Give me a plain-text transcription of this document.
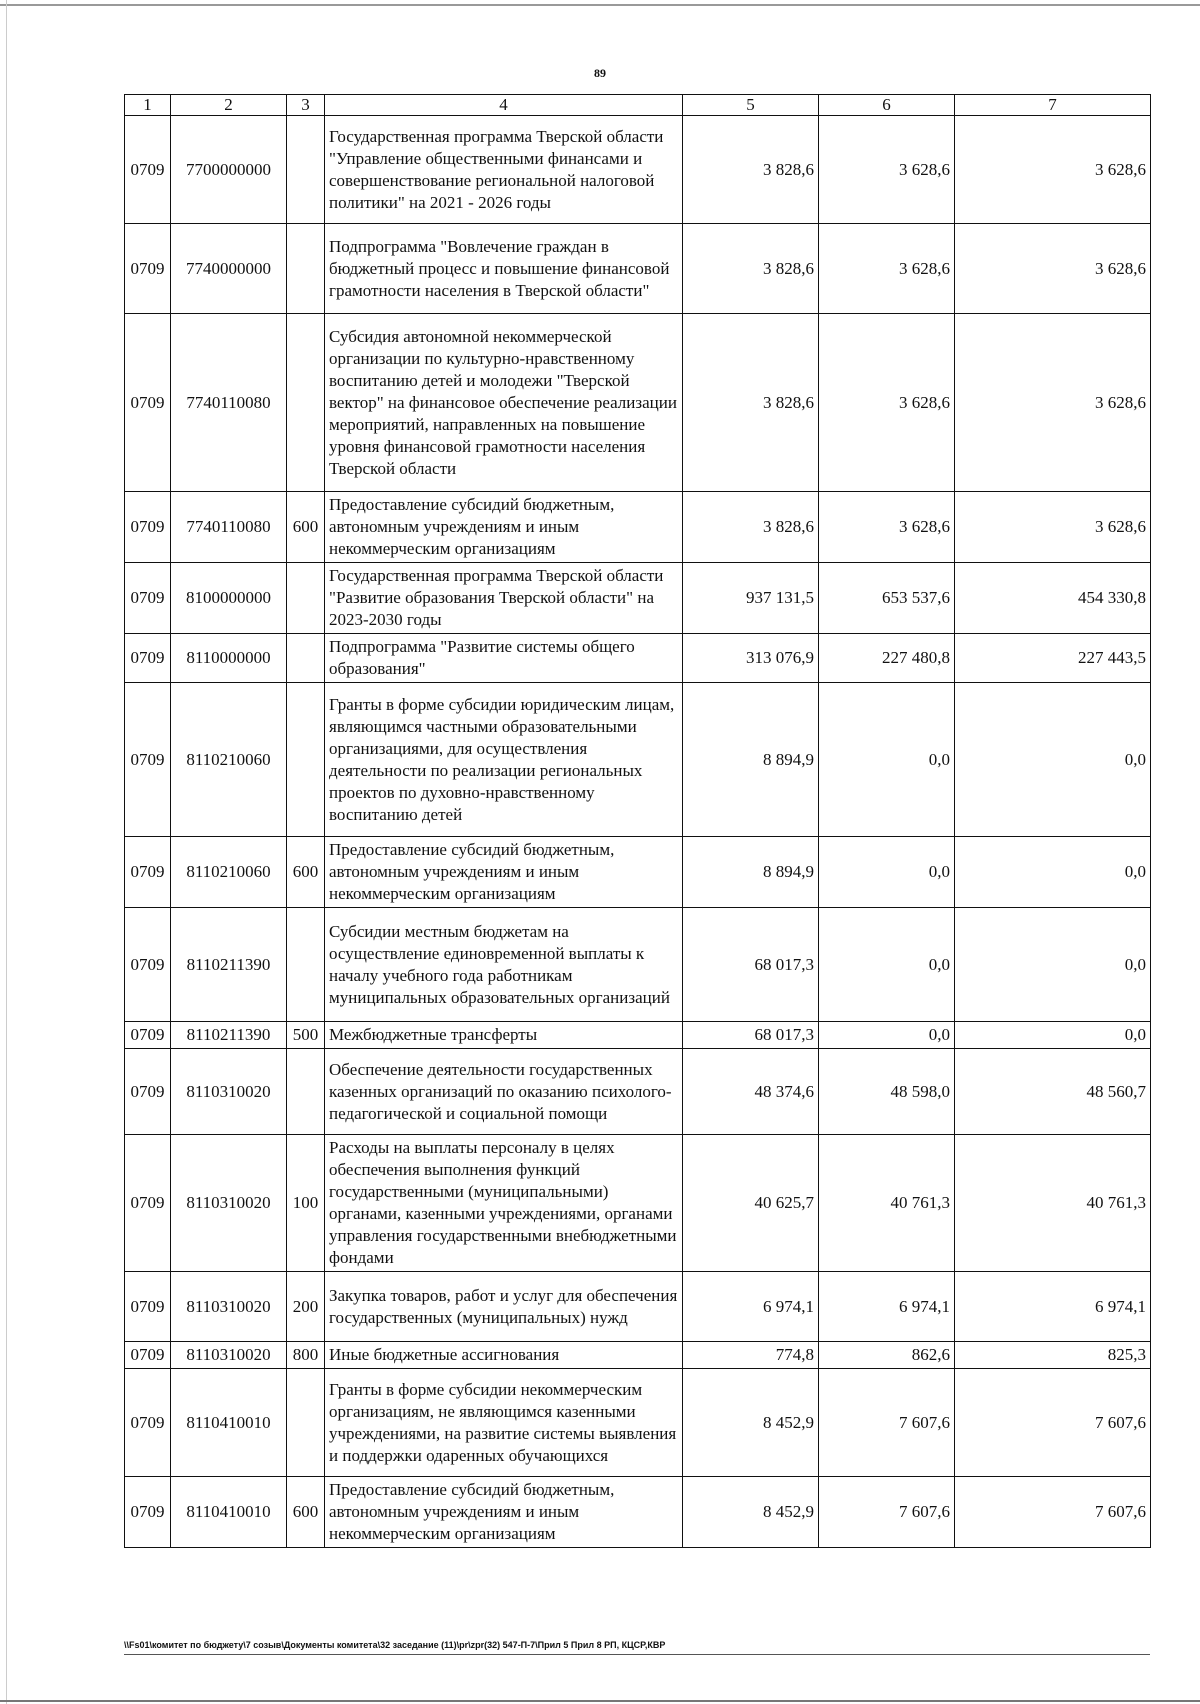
89
1	2	3	4	5	6	7
0709	7700000000		Государственная программа Тверской области "Управление общественными финансами и совершенствование региональной налоговой политики" на 2021 - 2026 годы	3 828,6	3 628,6	3 628,6
0709	7740000000		Подпрограмма "Вовлечение граждан в бюджетный процесс и повышение финансовой грамотности населения в Тверской области"	3 828,6	3 628,6	3 628,6
0709	7740110080		Субсидия автономной некоммерческой организации по культурно-нравственному воспитанию детей и молодежи "Тверской вектор" на финансовое обеспечение реализации мероприятий, направленных на повышение уровня финансовой грамотности населения Тверской области	3 828,6	3 628,6	3 628,6
0709	7740110080	600	Предоставление субсидий бюджетным, автономным учреждениям и иным некоммерческим организациям	3 828,6	3 628,6	3 628,6
0709	8100000000		Государственная программа Тверской области "Развитие образования Тверской области" на 2023-2030 годы	937 131,5	653 537,6	454 330,8
0709	8110000000		Подпрограмма "Развитие системы общего образования"	313 076,9	227 480,8	227 443,5
0709	8110210060		Гранты в форме субсидии юридическим лицам, являющимся частными образовательными организациями, для осуществления деятельности по реализации региональных проектов по духовно-нравственному воспитанию детей	8 894,9	0,0	0,0
0709	8110210060	600	Предоставление субсидий бюджетным, автономным учреждениям и иным некоммерческим организациям	8 894,9	0,0	0,0
0709	8110211390		Субсидии местным бюджетам на осуществление единовременной выплаты к началу учебного года работникам муниципальных образовательных организаций	68 017,3	0,0	0,0
0709	8110211390	500	Межбюджетные трансферты	68 017,3	0,0	0,0
0709	8110310020		Обеспечение деятельности государственных казенных организаций по оказанию психолого-педагогической и социальной помощи	48 374,6	48 598,0	48 560,7
0709	8110310020	100	Расходы на выплаты персоналу в целях обеспечения выполнения функций государственными (муниципальными) органами, казенными учреждениями, органами управления государственными внебюджетными фондами	40 625,7	40 761,3	40 761,3
0709	8110310020	200	Закупка товаров, работ и услуг для обеспечения государственных (муниципальных) нужд	6 974,1	6 974,1	6 974,1
0709	8110310020	800	Иные бюджетные ассигнования	774,8	862,6	825,3
0709	8110410010		Гранты в форме субсидии некоммерческим организациям, не являющимся казенными учреждениями, на развитие системы выявления и поддержки одаренных обучающихся	8 452,9	7 607,6	7 607,6
0709	8110410010	600	Предоставление субсидий бюджетным, автономным учреждениям и иным некоммерческим организациям	8 452,9	7 607,6	7 607,6
\\Fs01\комитет по бюджету\7 созыв\Документы комитета\32 заседание (11)\pr\zpr(32) 547-П-7\Прил 5 Прил 8 РП, КЦСР,КВР
